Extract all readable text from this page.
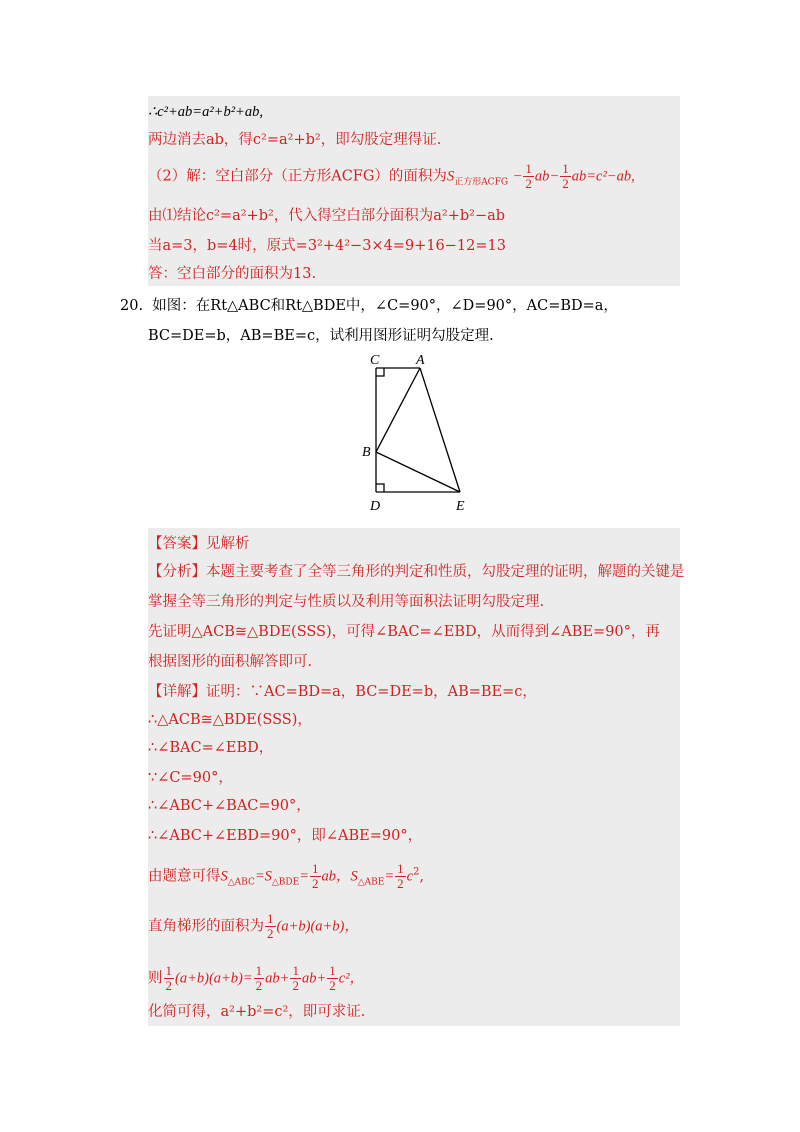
∴c²+ab=a²+b²+ab,
两边消去ab，得c²=a²+b²，即勾股定理得证.
（2）解：空白部分（正方形ACFG）的面积为$S_{正方形ACFG} - \frac{1}{2} ab- \frac{1}{2} ab=c^2-ab$,
由⑴结论c²=a²+b²，代入得空白部分面积为a²+b²−ab
当a=3，b=4时，原式=3²+4²−3×4=9+16−12=13
答：空白部分的面积为13.
20. 如图：在Rt△ABC和Rt△BDE中，∠C=90°，∠D=90°，AC=BD=a，
BC=DE=b，AB=BE=c，试利用图形证明勾股定理.
C	A
B
D	E
【答案】见解析
【分析】本题主要考查了全等三角形的判定和性质，勾股定理的证明，解题的关键是
掌握全等三角形的判定与性质以及利用等面积法证明勾股定理.
先证明△ACB≅△BDE(SSS)，可得∠BAC=∠EBD，从而得到∠ABE=90°，再
根据图形的面积解答即可.
【详解】证明：∵AC=BD=a，BC=DE=b，AB=BE=c，
∴△ACB≅△BDE(SSS)，
∴∠BAC=∠EBD，
∵∠C=90°，
∴∠ABC+∠BAC=90°，
∴∠ABC+∠EBD=90°，即∠ABE=90°，
由题意可得$S_{\triangle ABC}=S_{\triangle BDE}= \frac{1}{2}$ ab，$S_{\triangle ABE}= \frac{1}{2} c^2$,
直角梯形的面积为 $\frac{1}{2} (a+b)(a+b)$，
则 $\frac{1}{2} (a+b)(a+b)= \frac{1}{2} ab+ \frac{1}{2} ab+ \frac{1}{2} c^2$，
化简可得，a²+b²=c²，即可求证.
